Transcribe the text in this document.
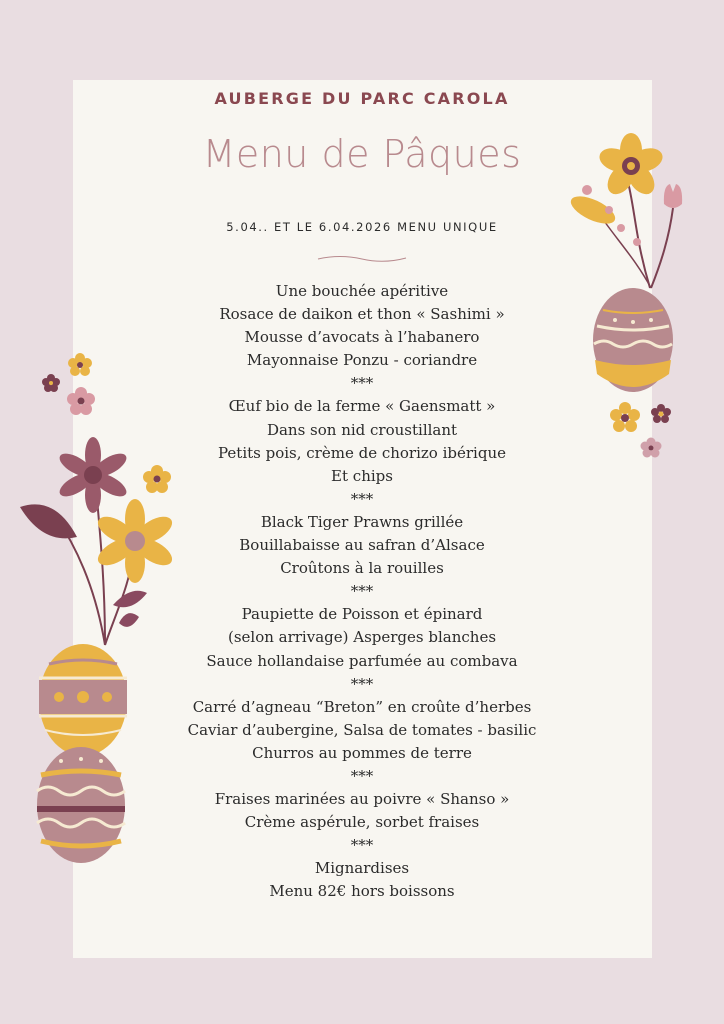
AUBERGE DU PARC CAROLA
Menu de Pâques
5.04.. ET LE 6.04.2026 MENU UNIQUE
Une bouchée apéritive
Rosace de daikon et thon « Sashimi »
Mousse d’avocats à l’habanero
Mayonnaise Ponzu - coriandre
***
Œuf bio de la ferme « Gaensmatt »
Dans son nid croustillant
Petits pois, crème de chorizo ibérique
Et chips
***
Black Tiger Prawns grillée
Bouillabaisse au safran d’Alsace
Croûtons à la rouilles
***
Paupiette de Poisson et épinard
(selon arrivage) Asperges blanches
Sauce hollandaise parfumée au combava
***
Carré d’agneau “Breton” en croûte d’herbes
Caviar d’aubergine, Salsa de tomates - basilic
Churros au pommes de terre
***
Fraises marinées au poivre « Shanso »
Crème aspérule, sorbet fraises
***
Mignardises
Menu 82€ hors boissons
